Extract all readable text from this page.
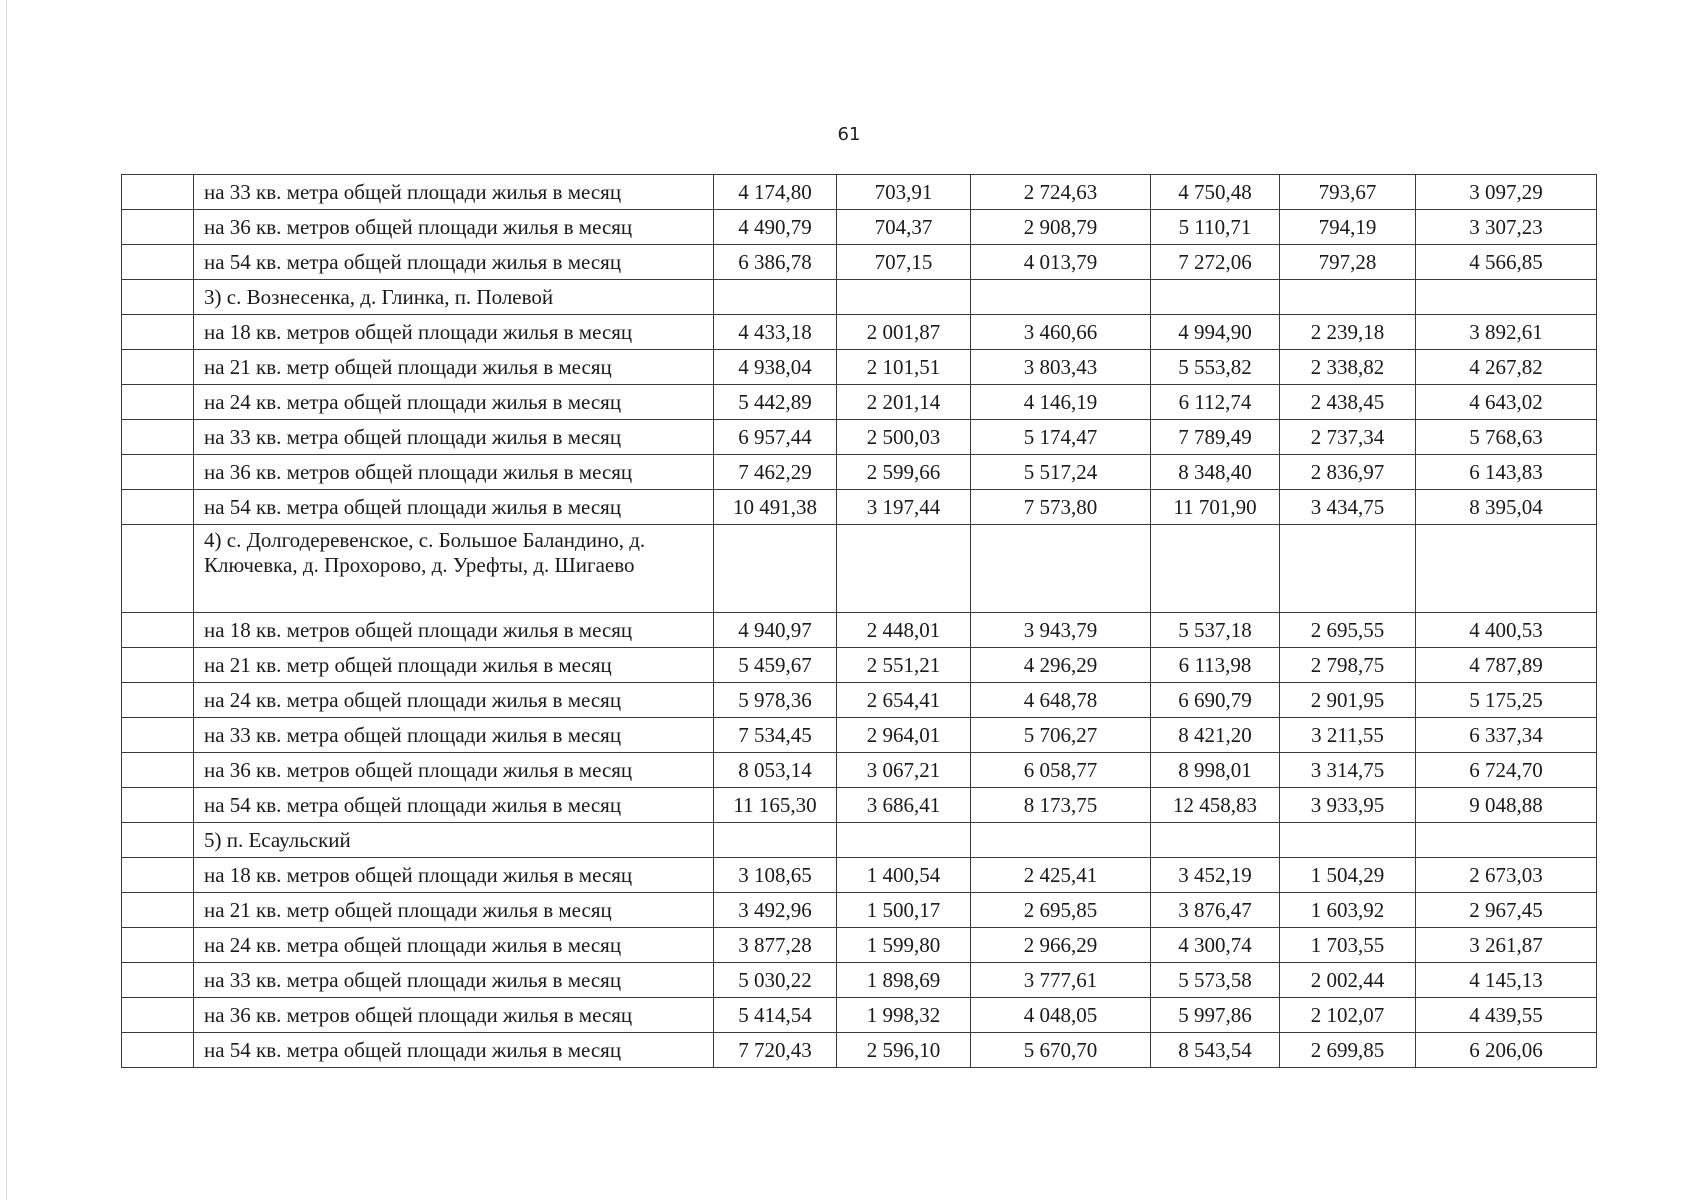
61
	на 33 кв. метра общей площади жилья в месяц	4 174,80	703,91	2 724,63	4 750,48	793,67	3 097,29
	на 36 кв. метров общей площади жилья в месяц	4 490,79	704,37	2 908,79	5 110,71	794,19	3 307,23
	на 54 кв. метра общей площади жилья в месяц	6 386,78	707,15	4 013,79	7 272,06	797,28	4 566,85
	3) с. Вознесенка, д. Глинка, п. Полевой						
	на 18 кв. метров общей площади жилья в месяц	4 433,18	2 001,87	3 460,66	4 994,90	2 239,18	3 892,61
	на 21 кв. метр общей площади жилья в месяц	4 938,04	2 101,51	3 803,43	5 553,82	2 338,82	4 267,82
	на 24 кв. метра общей площади жилья в месяц	5 442,89	2 201,14	4 146,19	6 112,74	2 438,45	4 643,02
	на 33 кв. метра общей площади жилья в месяц	6 957,44	2 500,03	5 174,47	7 789,49	2 737,34	5 768,63
	на 36 кв. метров общей площади жилья в месяц	7 462,29	2 599,66	5 517,24	8 348,40	2 836,97	6 143,83
	на 54 кв. метра общей площади жилья в месяц	10 491,38	3 197,44	7 573,80	11 701,90	3 434,75	8 395,04
	4) с. Долгодеревенское, с. Большое Баландино, д. Ключевка, д. Прохорово, д. Урефты, д. Шигаево						
	на 18 кв. метров общей площади жилья в месяц	4 940,97	2 448,01	3 943,79	5 537,18	2 695,55	4 400,53
	на 21 кв. метр общей площади жилья в месяц	5 459,67	2 551,21	4 296,29	6 113,98	2 798,75	4 787,89
	на 24 кв. метра общей площади жилья в месяц	5 978,36	2 654,41	4 648,78	6 690,79	2 901,95	5 175,25
	на 33 кв. метра общей площади жилья в месяц	7 534,45	2 964,01	5 706,27	8 421,20	3 211,55	6 337,34
	на 36 кв. метров общей площади жилья в месяц	8 053,14	3 067,21	6 058,77	8 998,01	3 314,75	6 724,70
	на 54 кв. метра общей площади жилья в месяц	11 165,30	3 686,41	8 173,75	12 458,83	3 933,95	9 048,88
	5) п. Есаульский						
	на 18 кв. метров общей площади жилья в месяц	3 108,65	1 400,54	2 425,41	3 452,19	1 504,29	2 673,03
	на 21 кв. метр общей площади жилья в месяц	3 492,96	1 500,17	2 695,85	3 876,47	1 603,92	2 967,45
	на 24 кв. метра общей площади жилья в месяц	3 877,28	1 599,80	2 966,29	4 300,74	1 703,55	3 261,87
	на 33 кв. метра общей площади жилья в месяц	5 030,22	1 898,69	3 777,61	5 573,58	2 002,44	4 145,13
	на 36 кв. метров общей площади жилья в месяц	5 414,54	1 998,32	4 048,05	5 997,86	2 102,07	4 439,55
	на 54 кв. метра общей площади жилья в месяц	7 720,43	2 596,10	5 670,70	8 543,54	2 699,85	6 206,06
